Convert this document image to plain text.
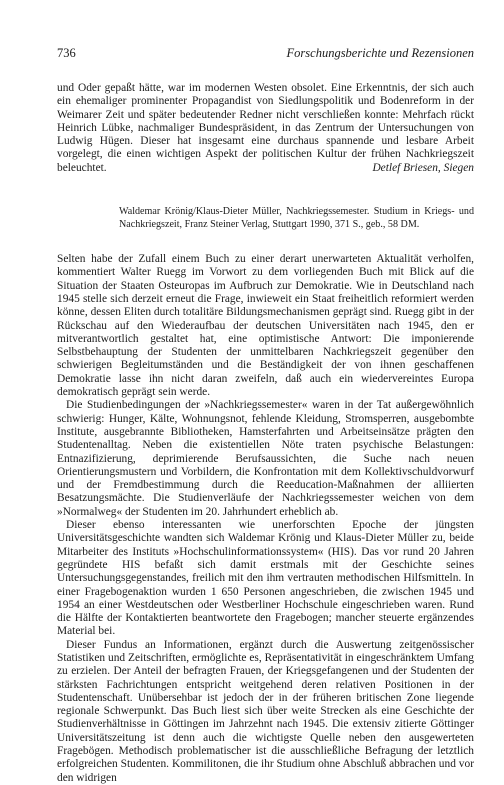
736	Forschungsberichte und Rezensionen

und Oder gepaßt hätte, war im modernen Westen obsolet. Eine Erkenntnis, der sich auch ein ehemaliger prominenter Propagandist von Siedlungspolitik und Bodenreform in der Weimarer Zeit und später bedeutender Redner nicht verschließen konnte: Mehrfach rückt Heinrich Lübke, nachmaliger Bundespräsident, in das Zentrum der Untersuchungen von Ludwig Hügen. Dieser hat insgesamt eine durchaus spannende und lesbare Arbeit vorgelegt, die einen wichtigen Aspekt der politischen Kultur der frühen Nachkriegszeit beleuchtet.	Detlef Briesen, Siegen

Waldemar Krönig/Klaus-Dieter Müller, Nachkriegssemester. Studium in Kriegs- und Nachkriegszeit, Franz Steiner Verlag, Stuttgart 1990, 371 S., geb., 58 DM.

Selten habe der Zufall einem Buch zu einer derart unerwarteten Aktualität verholfen, kommentiert Walter Ruegg im Vorwort zu dem vorliegenden Buch mit Blick auf die Situation der Staaten Osteuropas im Aufbruch zur Demokratie. Wie in Deutschland nach 1945 stelle sich derzeit erneut die Frage, inwieweit ein Staat freiheitlich reformiert werden könne, dessen Eliten durch totalitäre Bildungsmechanismen geprägt sind. Ruegg gibt in der Rückschau auf den Wiederaufbau der deutschen Universitäten nach 1945, den er mitverantwortlich gestaltet hat, eine optimistische Antwort: Die imponierende Selbstbehauptung der Studenten der unmittelbaren Nachkriegszeit gegenüber den schwierigen Begleitumständen und die Beständigkeit der von ihnen geschaffenen Demokratie lasse ihn nicht daran zweifeln, daß auch ein wiedervereintes Europa demokratisch geprägt sein werde.

Die Studienbedingungen der »Nachkriegssemester« waren in der Tat außergewöhnlich schwierig: Hunger, Kälte, Wohnungsnot, fehlende Kleidung, Stromsperren, ausgebombte Institute, ausgebrannte Bibliotheken, Hamsterfahrten und Arbeitseinsätze prägten den Studentenalltag. Neben die existentiellen Nöte traten psychische Belastungen: Entnazifizierung, deprimierende Berufsaussichten, die Suche nach neuen Orientierungsmustern und Vorbildern, die Konfrontation mit dem Kollektivschuldvorwurf und der Fremdbestimmung durch die Reeducation-Maßnahmen der alliierten Besatzungsmächte. Die Studienverläufe der Nachkriegssemester weichen von dem »Normalweg« der Studenten im 20. Jahrhundert erheblich ab.

Dieser ebenso interessanten wie unerforschten Epoche der jüngsten Universitätsgeschichte wandten sich Waldemar Krönig und Klaus-Dieter Müller zu, beide Mitarbeiter des Instituts »Hochschulinformationssystem« (HIS). Das vor rund 20 Jahren gegründete HIS befaßt sich damit erstmals mit der Geschichte seines Untersuchungsgegenstandes, freilich mit den ihm vertrauten methodischen Hilfsmitteln. In einer Fragebogenaktion wurden 1 650 Personen angeschrieben, die zwischen 1945 und 1954 an einer Westdeutschen oder Westberliner Hochschule eingeschrieben waren. Rund die Hälfte der Kontaktierten beantwortete den Fragebogen; mancher steuerte ergänzendes Material bei.

Dieser Fundus an Informationen, ergänzt durch die Auswertung zeitgenössischer Statistiken und Zeitschriften, ermöglichte es, Repräsentativität in eingeschränktem Umfang zu erzielen. Der Anteil der befragten Frauen, der Kriegsgefangenen und der Studenten der stärksten Fachrichtungen entspricht weitgehend deren relativen Positionen in der Studentenschaft. Unübersehbar ist jedoch der in der früheren britischen Zone liegende regionale Schwerpunkt. Das Buch liest sich über weite Strecken als eine Geschichte der Studienverhältnisse in Göttingen im Jahrzehnt nach 1945. Die extensiv zitierte Göttinger Universitätszeitung ist denn auch die wichtigste Quelle neben den ausgewerteten Fragebögen. Methodisch problematischer ist die ausschließliche Befragung der letztlich erfolgreichen Studenten. Kommilitonen, die ihr Studium ohne Abschluß abbrachen und vor den widrigen
